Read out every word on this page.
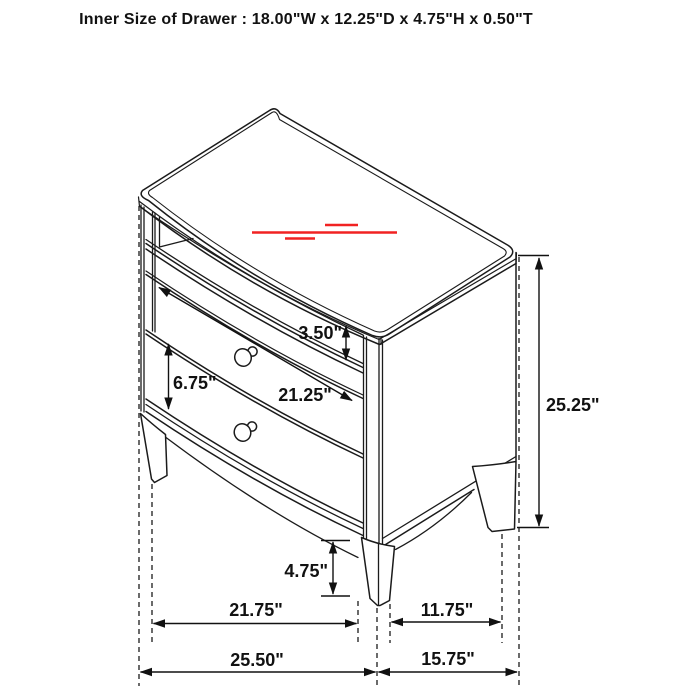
Inner Size of Drawer : 18.00"W x 12.25"D x 4.75"H x 0.50"T
3.50"
6.75"
21.25"	25.25"
4.75"
21.75"	11.75"
25.50"	15.75"
